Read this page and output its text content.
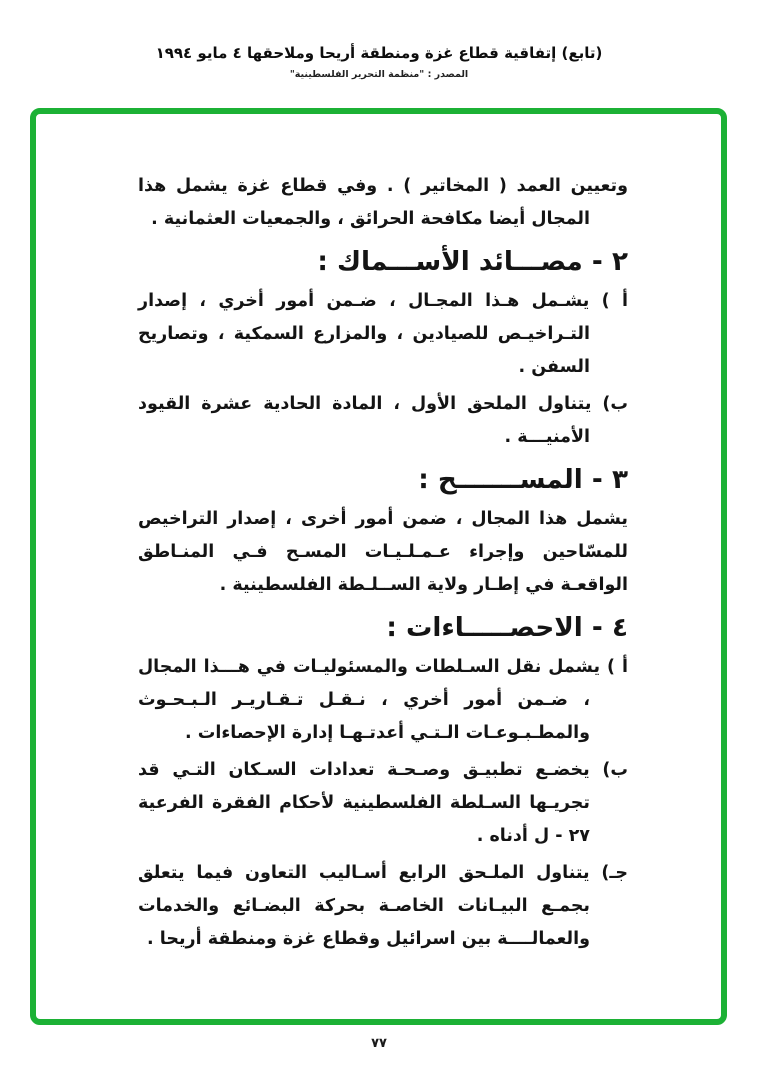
(تابع) إتفاقية قطاع غزة ومنطقة أريحا وملاحقها ٤ مايو ١٩٩٤
المصدر : "منظمة التحرير الفلسطينية"

وتعيين العمد ( المخاتير ) . وفي قطاع غزة يشمل هذا المجال أيضا مكافحة الحرائق ، والجمعيات العثمانية .

٢ - مصـــائد الأســـماك :

أ ) يشـمل هـذا المجـال ، ضـمن أمور أخري ، إصدار التـراخيـص للصيادين ، والمزارع السمكية ، وتصاريح السفن .

ب) يتناول الملحق الأول ، المادة الحادية عشرة القيود الأمنيـــة .

٣ - المســـــــح :

يشمل هذا المجال ، ضمن أمور أخرى ، إصدار التراخيص للمسّاحين وإجراء عـمـلـيـات المسـح فـي المنـاطق الواقعـة في إطـار ولاية الســلـطة الفلسطينية .

٤ - الاحصـــــاءات :

أ ) يشمل نقل السـلطات والمسئوليـات في هـــذا المجال ، ضـمن أمور أخري ، نـقـل تـقـاريـر الـبـحـوث والمطـبـوعـات الـتـي أعدتـهـا إدارة الإحصاءات .

ب) يخضـع تطبيـق وصـحـة تعدادات السـكان التـي قد تجريـها السـلطة الفلسطينية لأحكام الفقرة الفرعية ٢٧ - ل أدناه .

جـ) يتناول الملـحق الرابع أسـاليب التعاون فيما يتعلق بجمـع البيـانات الخاصـة بحركة البضـائع والخدمات والعمالــــة بين اسرائيل وقطاع غزة ومنطقة أريحا .

٧٧
